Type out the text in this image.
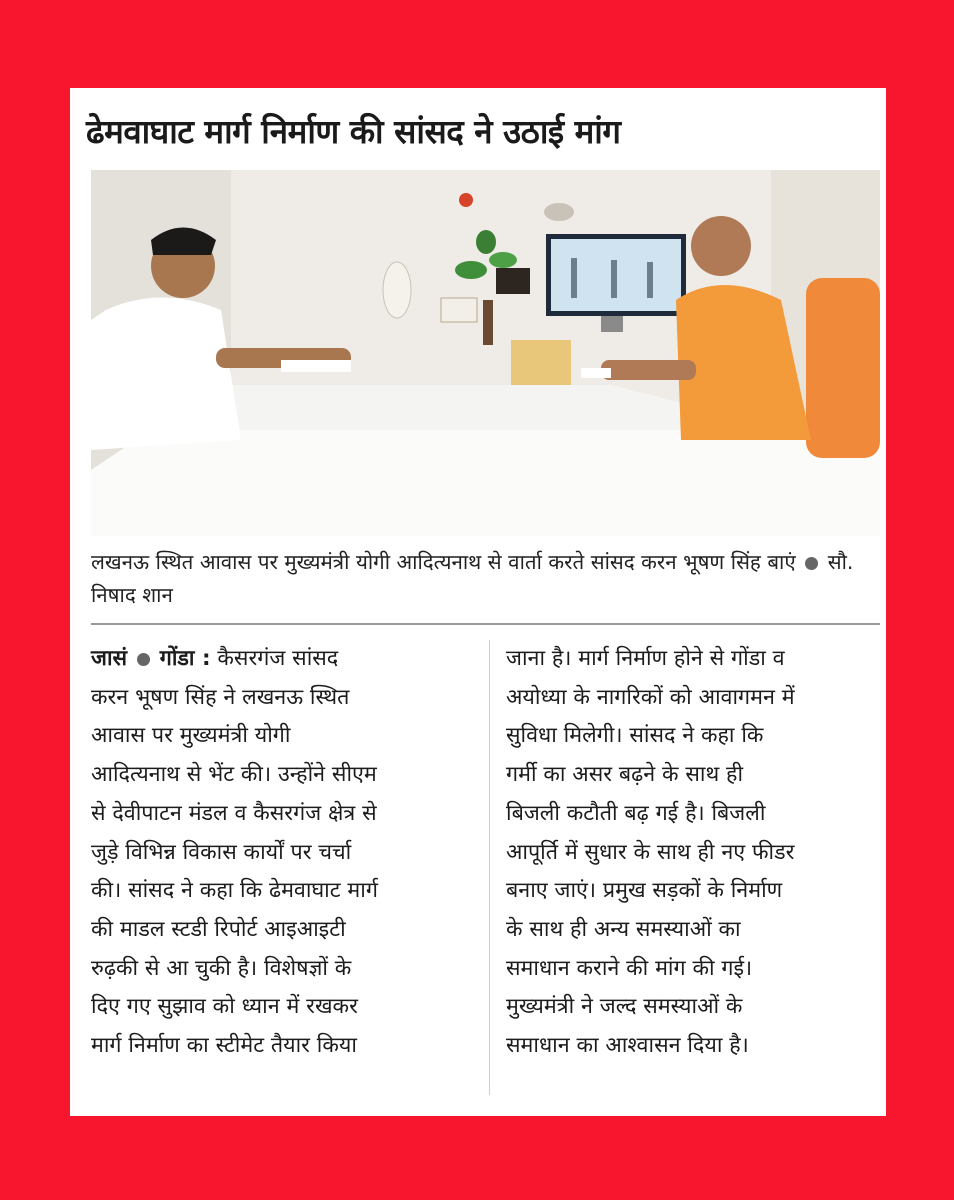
ढेमवाघाट मार्ग निर्माण की सांसद ने उठाई मांग
लखनऊ स्थित आवास पर मुख्यमंत्री योगी आदित्यनाथ से वार्ता करते सांसद करन भूषण सिंह बाएं सौ. निषाद शान
जासं गोंडा : कैसरगंज सांसद
करन भूषण सिंह ने लखनऊ स्थित
आवास पर मुख्यमंत्री योगी
आदित्यनाथ से भेंट की। उन्होंने सीएम
से देवीपाटन मंडल व कैसरगंज क्षेत्र से
जुड़े विभिन्न विकास कार्यों पर चर्चा
की। सांसद ने कहा कि ढेमवाघाट मार्ग
की माडल स्टडी रिपोर्ट आइआइटी
रुढ़की से आ चुकी है। विशेषज्ञों के
दिए गए सुझाव को ध्यान में रखकर
मार्ग निर्माण का स्टीमेट तैयार किया
जाना है। मार्ग निर्माण होने से गोंडा व
अयोध्या के नागरिकों को आवागमन में
सुविधा मिलेगी। सांसद ने कहा कि
गर्मी का असर बढ़ने के साथ ही
बिजली कटौती बढ़ गई है। बिजली
आपूर्ति में सुधार के साथ ही नए फीडर
बनाए जाएं। प्रमुख सड़कों के निर्माण
के साथ ही अन्य समस्याओं का
समाधान कराने की मांग की गई।
मुख्यमंत्री ने जल्द समस्याओं के
समाधान का आश्वासन दिया है।
